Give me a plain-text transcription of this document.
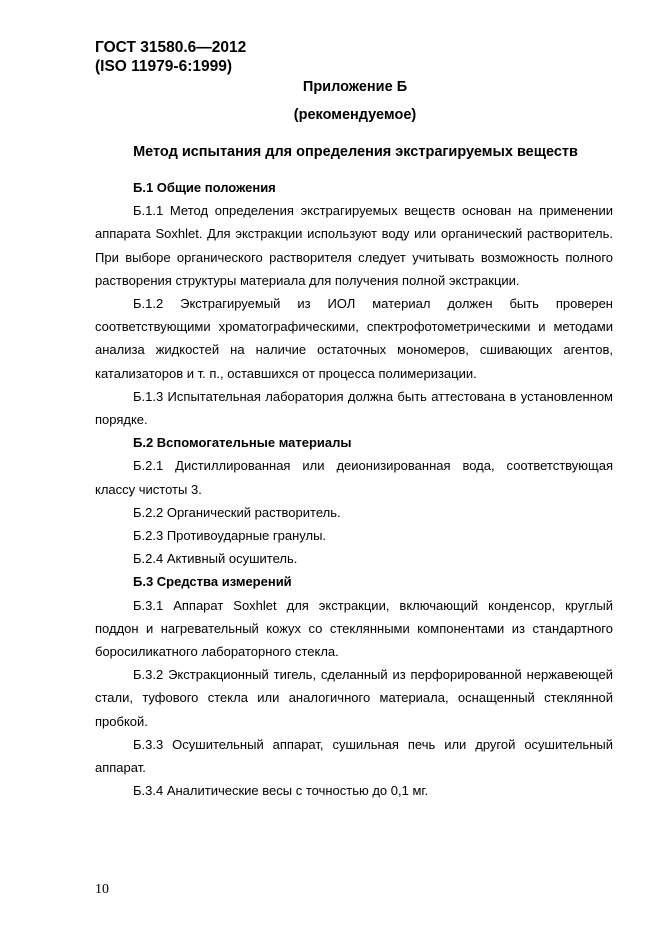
ГОСТ 31580.6—2012
(ISO 11979-6:1999)
Приложение Б
(рекомендуемое)
Метод испытания для определения экстрагируемых веществ

Б.1 Общие положения

Б.1.1 Метод определения экстрагируемых веществ основан на применении аппарата Soxhlet. Для экстракции используют воду или органический растворитель. При выборе органического растворителя следует учитывать возможность полного растворения структуры материала для получения полной экстракции.

Б.1.2 Экстрагируемый из ИОЛ материал должен быть проверен соответствующими хроматографическими, спектрофотометрическими и методами анализа жидкостей на наличие остаточных мономеров, сшивающих агентов, катализаторов и т. п., оставшихся от процесса полимеризации.

Б.1.3 Испытательная лаборатория должна быть аттестована в установленном порядке.

Б.2 Вспомогательные материалы

Б.2.1 Дистиллированная или деионизированная вода, соответствующая классу чистоты 3.

Б.2.2 Органический растворитель.

Б.2.3 Противоударные гранулы.

Б.2.4 Активный осушитель.

Б.3 Средства измерений

Б.3.1 Аппарат Soxhlet для экстракции, включающий конденсор, круглый поддон и нагревательный кожух со стеклянными компонентами из стандартного боросиликатного лабораторного стекла.

Б.3.2 Экстракционный тигель, сделанный из перфорированной нержавеющей стали, туфового стекла или аналогичного материала, оснащенный стеклянной пробкой.

Б.3.3 Осушительный аппарат, сушильная печь или другой осушительный аппарат.

Б.3.4 Аналитические весы с точностью до 0,1 мг.

10
